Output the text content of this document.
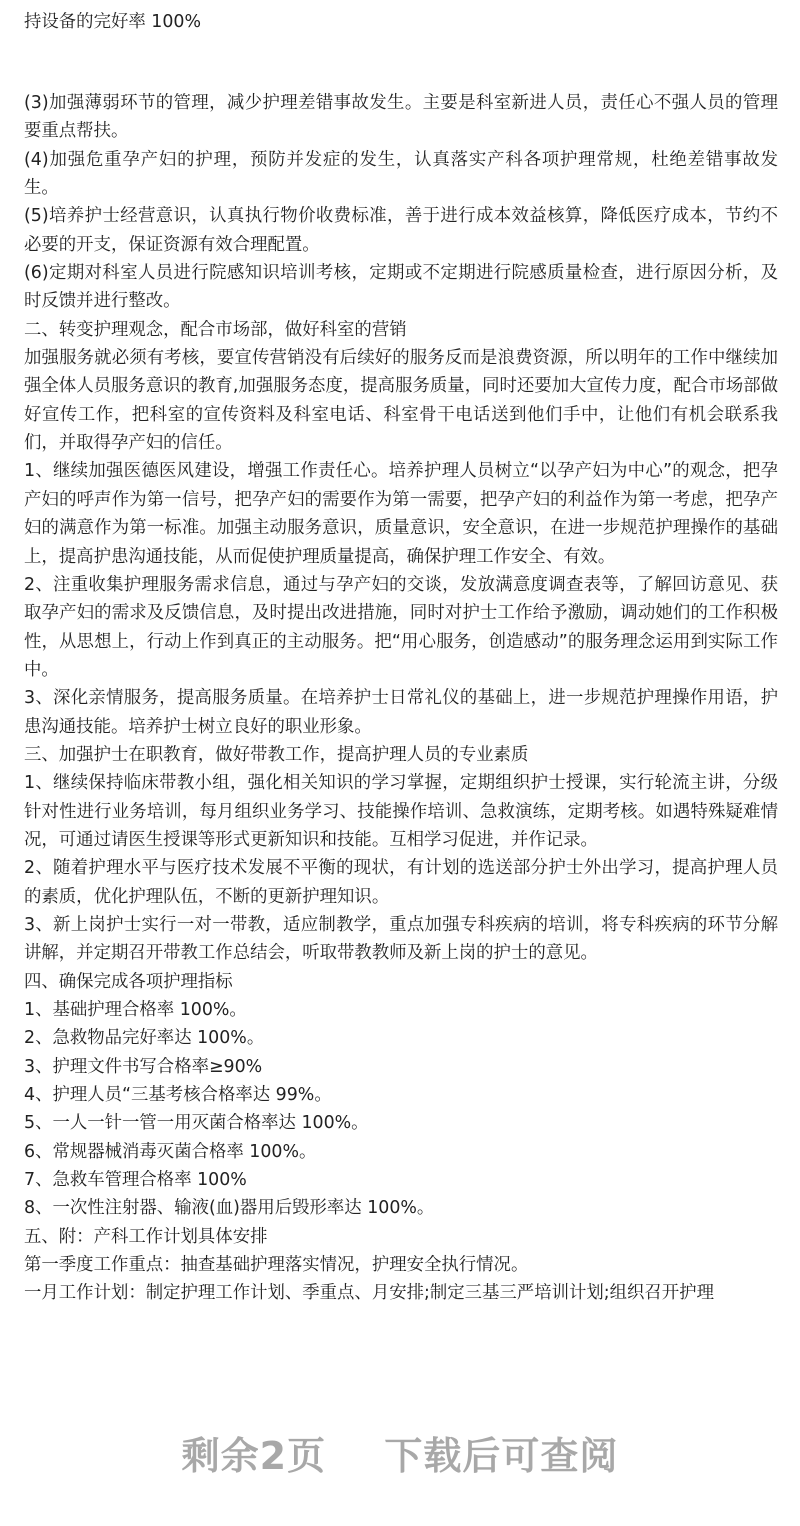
持设备的完好率 100%

(3)加强薄弱环节的管理，减少护理差错事故发生。主要是科室新进人员，责任心不强人员的管理要重点帮扶。

(4)加强危重孕产妇的护理，预防并发症的发生，认真落实产科各项护理常规，杜绝差错事故发生。

(5)培养护士经营意识，认真执行物价收费标准，善于进行成本效益核算，降低医疗成本，节约不必要的开支，保证资源有效合理配置。

(6)定期对科室人员进行院感知识培训考核，定期或不定期进行院感质量检查，进行原因分析，及时反馈并进行整改。

二、转变护理观念，配合市场部，做好科室的营销

加强服务就必须有考核，要宣传营销没有后续好的服务反而是浪费资源，所以明年的工作中继续加强全体人员服务意识的教育,加强服务态度，提高服务质量，同时还要加大宣传力度，配合市场部做好宣传工作，把科室的宣传资料及科室电话、科室骨干电话送到他们手中，让他们有机会联系我们，并取得孕产妇的信任。

1、继续加强医德医风建设，增强工作责任心。培养护理人员树立“以孕产妇为中心”的观念，把孕产妇的呼声作为第一信号，把孕产妇的需要作为第一需要，把孕产妇的利益作为第一考虑，把孕产妇的满意作为第一标准。加强主动服务意识，质量意识，安全意识，在进一步规范护理操作的基础上，提高护患沟通技能，从而促使护理质量提高，确保护理工作安全、有效。

2、注重收集护理服务需求信息，通过与孕产妇的交谈，发放满意度调查表等，了解回访意见、获取孕产妇的需求及反馈信息，及时提出改进措施，同时对护士工作给予激励，调动她们的工作积极性，从思想上，行动上作到真正的主动服务。把“用心服务，创造感动”的服务理念运用到实际工作中。

3、深化亲情服务，提高服务质量。在培养护士日常礼仪的基础上，进一步规范护理操作用语，护患沟通技能。培养护士树立良好的职业形象。

三、加强护士在职教育，做好带教工作，提高护理人员的专业素质

1、继续保持临床带教小组，强化相关知识的学习掌握，定期组织护士授课，实行轮流主讲，分级针对性进行业务培训，每月组织业务学习、技能操作培训、急救演练，定期考核。如遇特殊疑难情况，可通过请医生授课等形式更新知识和技能。互相学习促进，并作记录。

2、随着护理水平与医疗技术发展不平衡的现状，有计划的选送部分护士外出学习，提高护理人员的素质，优化护理队伍，不断的更新护理知识。

3、新上岗护士实行一对一带教，适应制教学，重点加强专科疾病的培训，将专科疾病的环节分解讲解，并定期召开带教工作总结会，听取带教教师及新上岗的护士的意见。

四、确保完成各项护理指标

1、基础护理合格率 100%。

2、急救物品完好率达 100%。

3、护理文件书写合格率≥90%

4、护理人员“三基考核合格率达 99%。

5、一人一针一管一用灭菌合格率达 100%。

6、常规器械消毒灭菌合格率 100%。

7、急救车管理合格率 100%

8、一次性注射器、输液(血)器用后毁形率达 100%。

五、附：产科工作计划具体安排

第一季度工作重点：抽查基础护理落实情况，护理安全执行情况。

一月工作计划：制定护理工作计划、季重点、月安排;制定三基三严培训计划;组织召开护理

剩余2页 下载后可查阅
